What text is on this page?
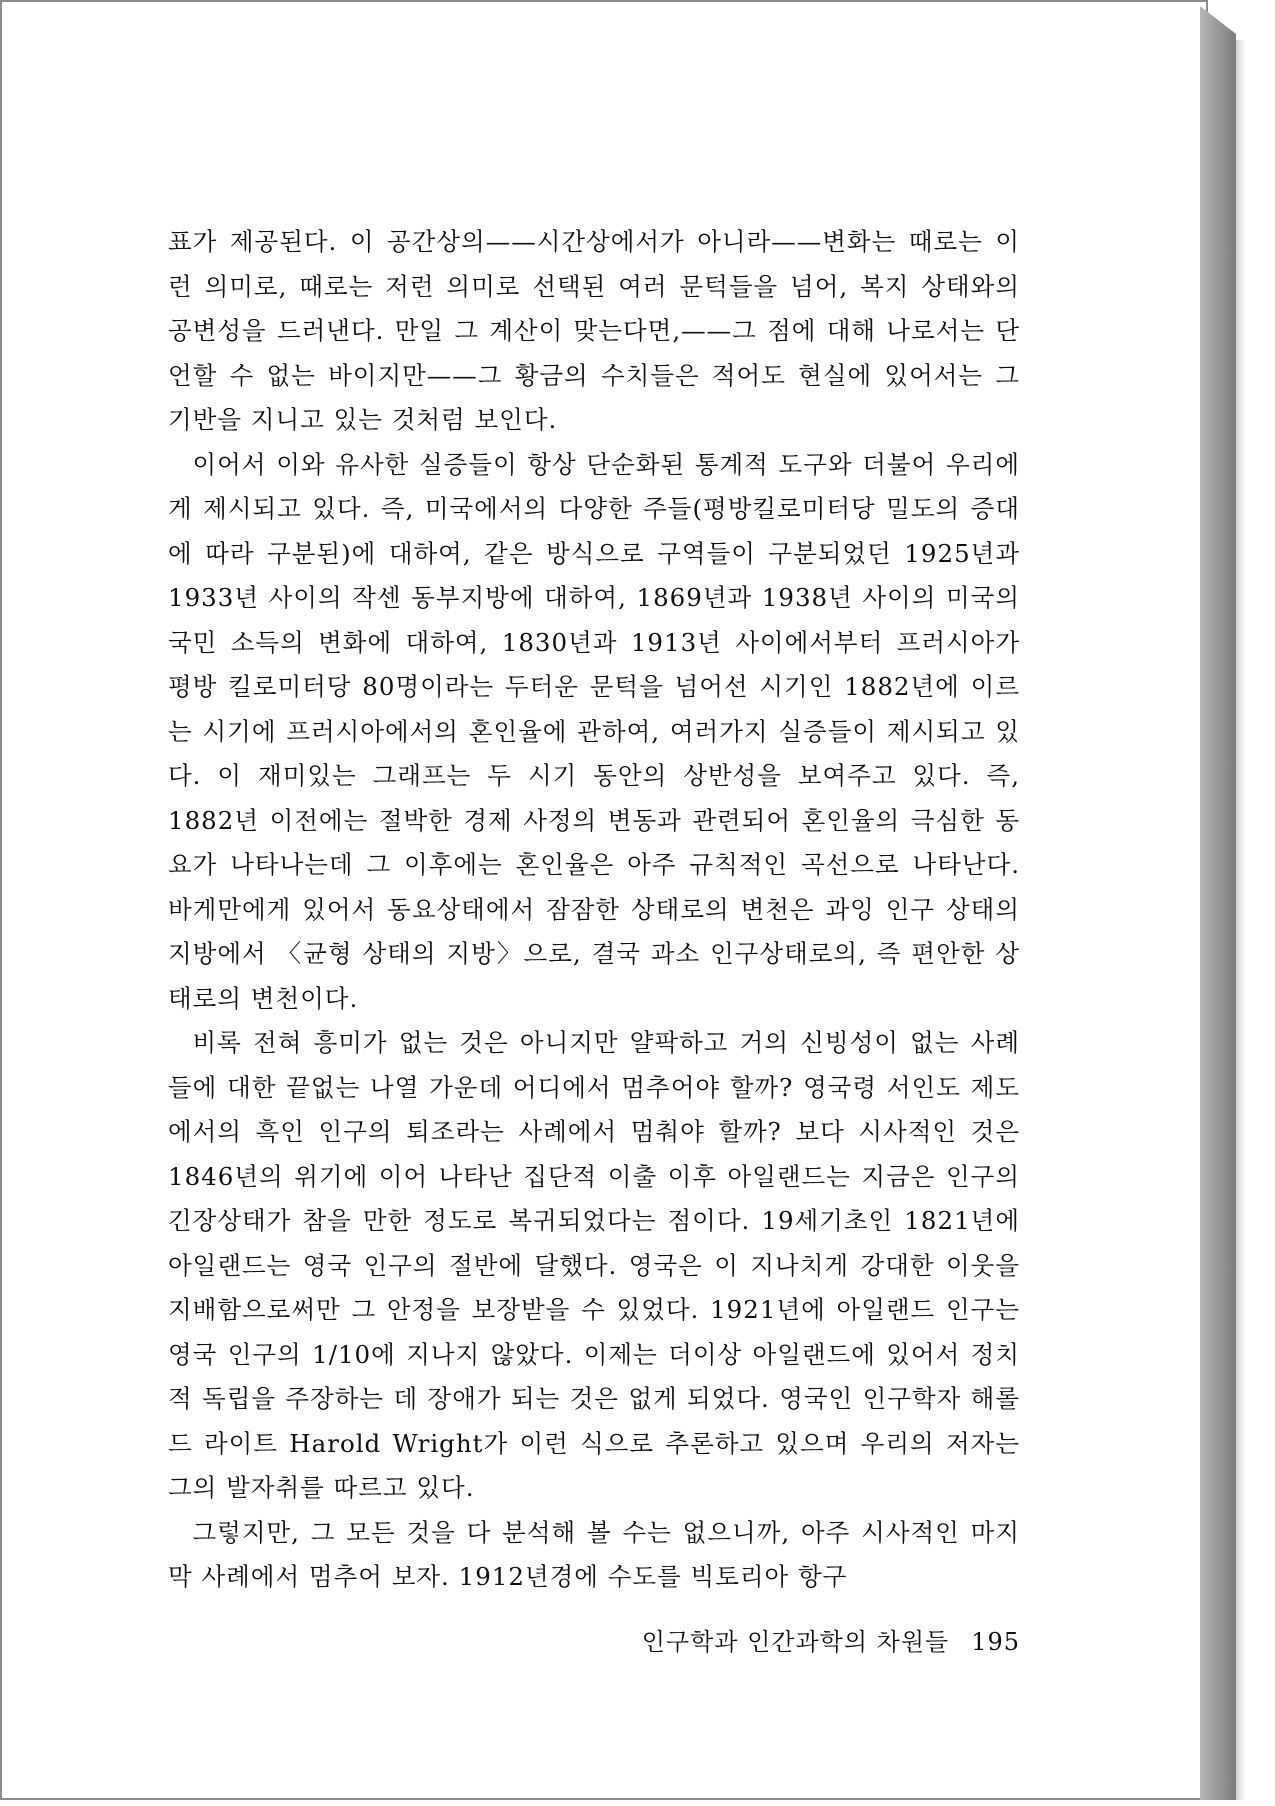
표가 제공된다. 이 공간상의——시간상에서가 아니라——변화는 때로는 이런 의미로, 때로는 저런 의미로 선택된 여러 문턱들을 넘어, 복지 상태와의 공변성을 드러낸다. 만일 그 계산이 맞는다면,——그 점에 대해 나로서는 단언할 수 없는 바이지만——그 황금의 수치들은 적어도 현실에 있어서는 그 기반을 지니고 있는 것처럼 보인다.

이어서 이와 유사한 실증들이 항상 단순화된 통계적 도구와 더불어 우리에게 제시되고 있다. 즉, 미국에서의 다양한 주들(평방킬로미터당 밀도의 증대에 따라 구분된)에 대하여, 같은 방식으로 구역들이 구분되었던 1925년과 1933년 사이의 작센 동부지방에 대하여, 1869년과 1938년 사이의 미국의 국민 소득의 변화에 대하여, 1830년과 1913년 사이에서부터 프러시아가 평방 킬로미터당 80명이라는 두터운 문턱을 넘어선 시기인 1882년에 이르는 시기에 프러시아에서의 혼인율에 관하여, 여러가지 실증들이 제시되고 있다. 이 재미있는 그래프는 두 시기 동안의 상반성을 보여주고 있다. 즉, 1882년 이전에는 절박한 경제 사정의 변동과 관련되어 혼인율의 극심한 동요가 나타나는데 그 이후에는 혼인율은 아주 규칙적인 곡선으로 나타난다. 바게만에게 있어서 동요상태에서 잠잠한 상태로의 변천은 과잉 인구 상태의 지방에서 〈균형 상태의 지방〉으로, 결국 과소 인구상태로의, 즉 편안한 상태로의 변천이다.

비록 전혀 흥미가 없는 것은 아니지만 얄팍하고 거의 신빙성이 없는 사례들에 대한 끝없는 나열 가운데 어디에서 멈추어야 할까? 영국령 서인도 제도에서의 흑인 인구의 퇴조라는 사례에서 멈춰야 할까? 보다 시사적인 것은 1846년의 위기에 이어 나타난 집단적 이출 이후 아일랜드는 지금은 인구의 긴장상태가 참을 만한 정도로 복귀되었다는 점이다. 19세기초인 1821년에 아일랜드는 영국 인구의 절반에 달했다. 영국은 이 지나치게 강대한 이웃을 지배함으로써만 그 안정을 보장받을 수 있었다. 1921년에 아일랜드 인구는 영국 인구의 1/10에 지나지 않았다. 이제는 더이상 아일랜드에 있어서 정치적 독립을 주장하는 데 장애가 되는 것은 없게 되었다. 영국인 인구학자 해롤드 라이트 Harold Wright가 이런 식으로 추론하고 있으며 우리의 저자는 그의 발자취를 따르고 있다.

그렇지만, 그 모든 것을 다 분석해 볼 수는 없으니까, 아주 시사적인 마지막 사례에서 멈추어 보자. 1912년경에 수도를 빅토리아 항구

인구학과 인간과학의 차원들 195
